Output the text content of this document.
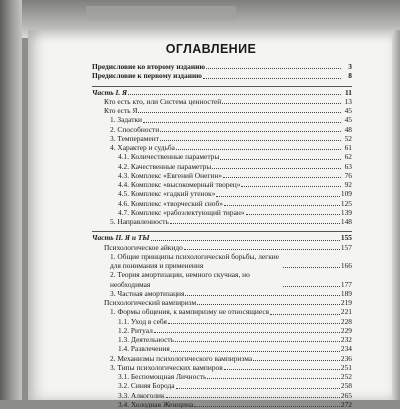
ОГЛАВЛЕНИЕ
Предисловие ко второму изданию	3
Предисловие к первому изданию	8
Часть I. Я	11
Кто есть кто, или Система ценностей	13
Кто есть Я	45
1. Задатки	45
2. Способности	48
3. Темперамент	52
4. Характер и судьба	61
4.1. Количественные параметры	62
4.2. Качественные параметры	63
4.3. Комплекс «Евгений Онегин»	76
4.4. Комплекс «высокомерный творец»	92
4.5. Комплекс «гадкий утенок»	109
4.6. Комплекс «творческий сноб»	125
4.7. Комплекс «рабоэлектующий тиран»	139
5. Направленность	148
Часть II. Я и ТЫ	155
Психологическое айкидо	157
1. Общие принципы психологической борьбы, легкие для понимания и применения	166
2. Теория амортизации, немного скучная, но необходимая	177
3. Частная амортизация	189
Психологический вампиризм	219
1. Формы общения, к вампиризму не относящиеся	221
1.1. Уход в себя	228
1.2. Ритуал	229
1.3. Деятельность	232
1.4. Развлечения	234
2. Механизмы психологического вампиризма	236
3. Типы психологических вампиров	251
3.1. Беспомощная Личность	252
3.2. Синяя Борода	258
3.3. Алкоголик	265
3.4. Холодная Женщина	272
